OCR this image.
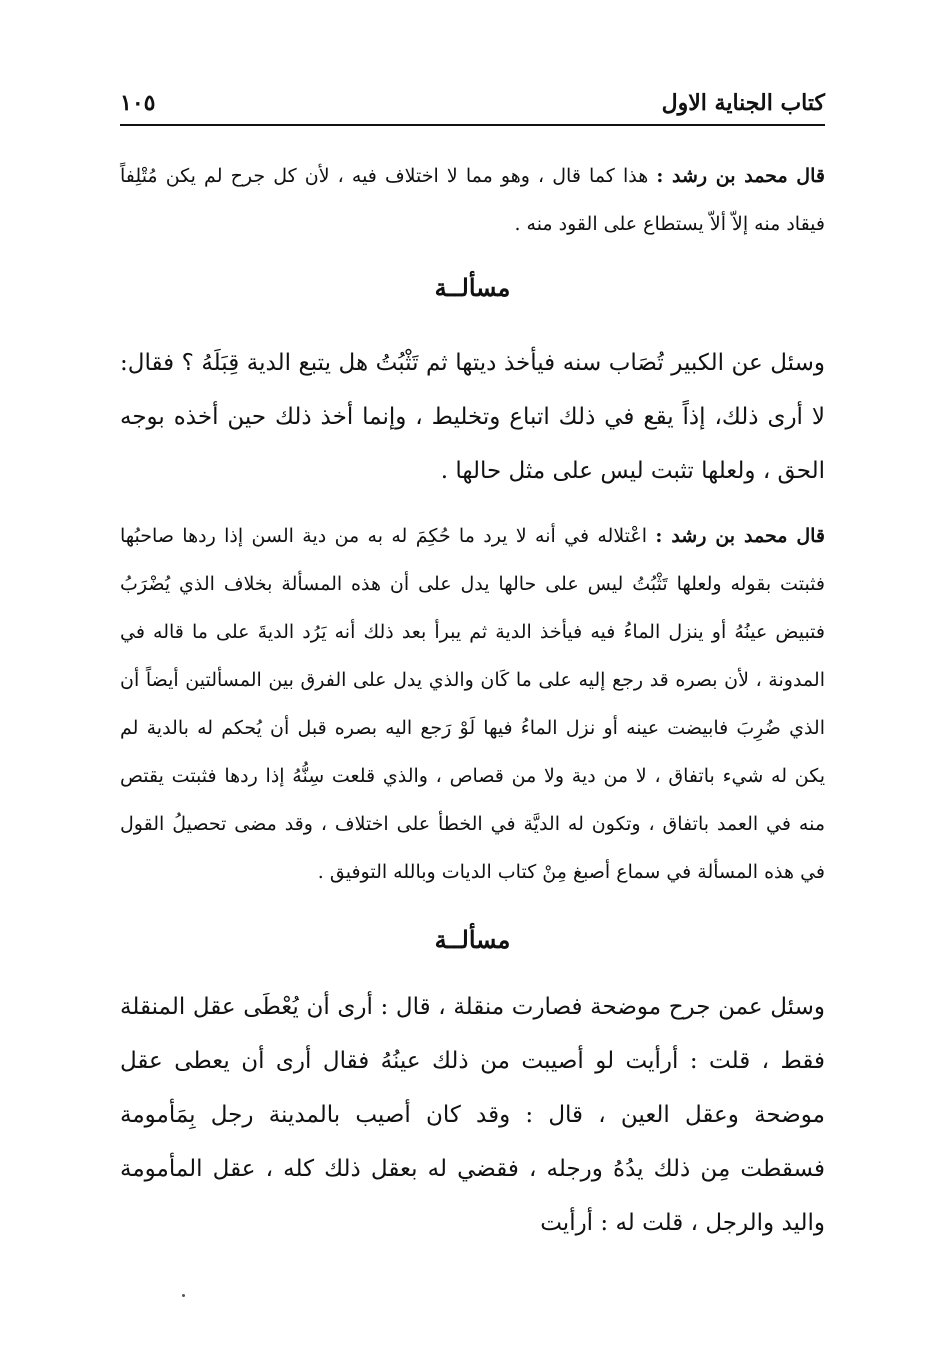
كتاب الجناية الاول
١٠٥

قال محمد بن رشد : هذا كما قال ، وهو مما لا اختلاف فيه ، لأن كل جرح لم يكن مُتْلِفاً فيقاد منه إلاّ ألاّ يستطاع على القود منه .

مسألــة

وسئل عن الكبير تُصَاب سنه فيأخذ ديتها ثم تَثْبُتُ هل يتبع الدية قِبَلَهُ ؟ فقال: لا أرى ذلك، إذاً يقع في ذلك اتباع وتخليط ، وإنما أخذ ذلك حين أخذه بوجه الحق ، ولعلها تثبت ليس على مثل حالها .

قال محمد بن رشد : اعْتلاله في أنه لا يرد ما حُكِمَ له به من دية السن إذا ردها صاحبُها فثبتت بقوله ولعلها تَثْبُتُ ليس على حالها يدل على أن هذه المسألة بخلاف الذي يُضْرَبُ فتبيض عينُهُ أو ينزل الماءُ فيه فيأخذ الدية ثم يبرأ بعد ذلك أنه يَرُد الديةَ على ما قاله في المدونة ، لأن بصره قد رجع إليه على ما كَان والذي يدل على الفرق بين المسألتين أيضاً أن الذي ضُرِبَ فابيضت عينه أو نزل الماءُ فيها لَوْ رَجع اليه بصره قبل أن يُحكم له بالدية لم يكن له شيء باتفاق ، لا من دية ولا من قصاص ، والذي قلعت سِنُّهُ إذا ردها فثبتت يقتص منه في العمد باتفاق ، وتكون له الديَّة في الخطأ على اختلاف ، وقد مضى تحصيلُ القول في هذه المسألة في سماع أصبغ مِنْ كتاب الديات وبالله التوفيق .

مسألــة

وسئل عمن جرح موضحة فصارت منقلة ، قال : أرى أن يُعْطَى عقل المنقلة فقط ، قلت : أرأيت لو أصيبت من ذلك عينُهُ فقال أرى أن يعطى عقل موضحة وعقل العين ، قال : وقد كان أصيب بالمدينة رجل بِمَأمومة فسقطت مِن ذلك يدُهُ ورجله ، فقضي له بعقل ذلك كله ، عقل المأمومة واليد والرجل ، قلت له : أرأيت
